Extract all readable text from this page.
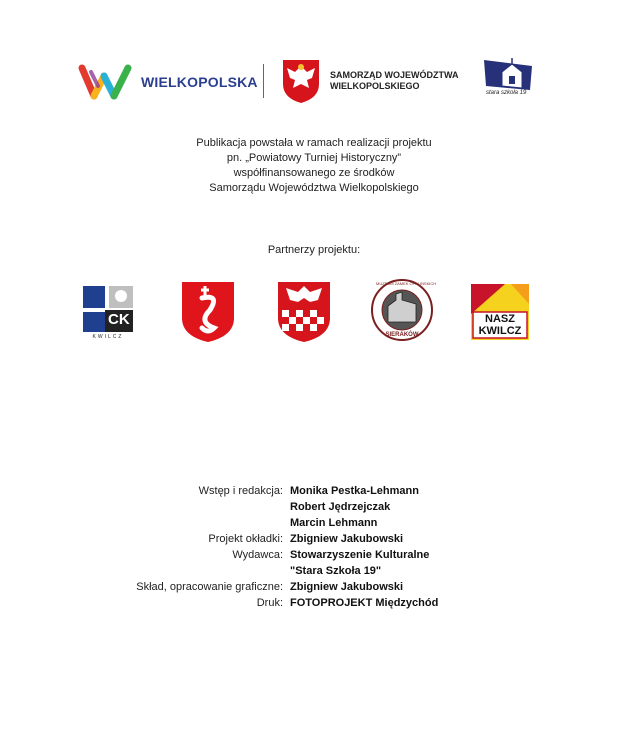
WIELKOPOLSKA	SAMORZĄD WOJEWÓDZTWA
WIELKOPOLSKIEGO
stara szkoła 19
Publikacja powstała w ramach realizacji projektu
pn. „Powiatowy Turniej Historyczny”
współfinansowanego ze środków
Samorządu Województwa Wielkopolskiego
Partnerzy projektu:
CK
KWILCZ
MUZEUM ZAMEK OPALIŃSKICH
SIERAKÓW
NASZ
KWILCZ
Wstęp i redakcja: Monika Pestka-Lehmann
Robert Jędrzejczak
Marcin Lehmann
Projekt okładki: Zbigniew Jakubowski
Wydawca: Stowarzyszenie Kulturalne
"Stara Szkoła 19"
Skład, opracowanie graficzne: Zbigniew Jakubowski
Druk: FOTOPROJEKT Międzychód
